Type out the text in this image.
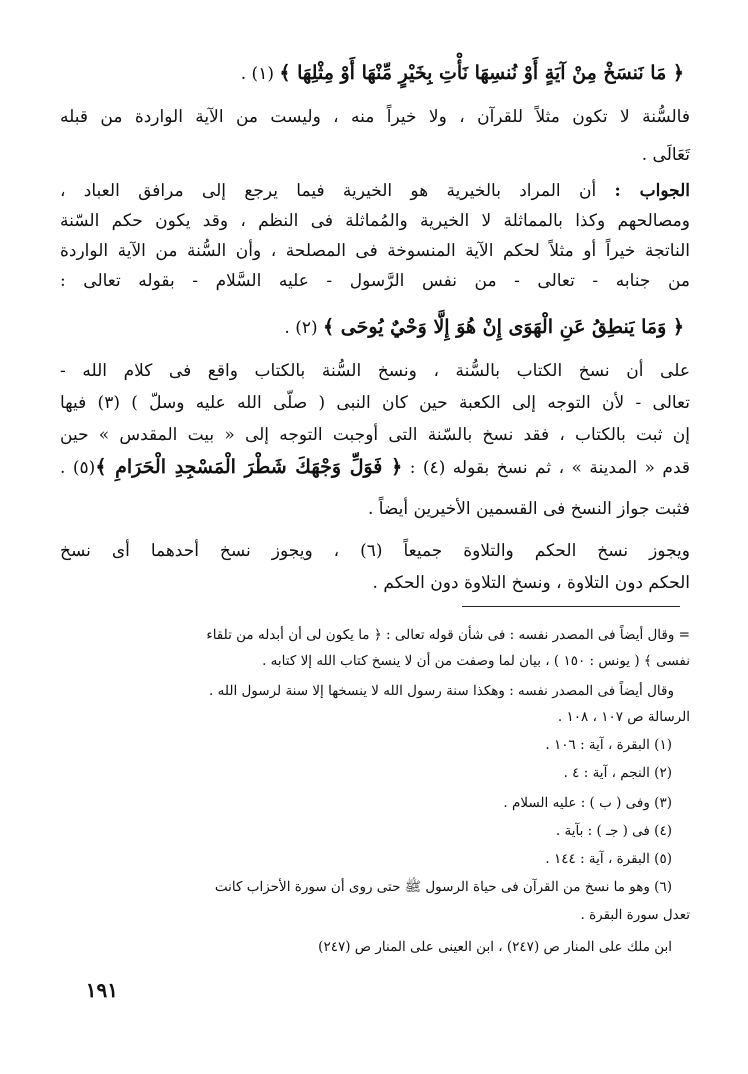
﴿ مَا نَنسَخْ مِنْ آيَةٍ أَوْ نُنسِهَا نَأْتِ بِخَيْرٍ مِّنْهَا أَوْ مِثْلِهَا ﴾ (١) .
فالسُّنة لا تكون مثلاً للقرآن ، ولا خيراً منه ، وليست من الآية الواردة من قبله
تَعَالَى .
الجواب : أن المراد بالخيرية هو الخيرية فيما يرجع إلى مرافق العباد ،
ومصالحهم وكذا بالمماثلة لا الخيرية والمُماثلة فى النظم ، وقد يكون حكم السّنة
الناتجة خيراً أو مثلاً لحكم الآية المنسوخة فى المصلحة ، وأن السُّنة من الآية الواردة
من جنابه - تعالى - من نفس الرَّسول - عليه السَّلام - بقوله تعالى :
﴿ وَمَا يَنطِقُ عَنِ الْهَوَى إِنْ هُوَ إِلَّا وَحْيٌ يُوحَى ﴾ (٢) .
على أن نسخ الكتاب بالسُّنة ، ونسخ السُّنة بالكتاب واقع فى كلام الله -
تعالى - لأن التوجه إلى الكعبة حين كان النبى ( صلّى الله عليه وسلّ ) (٣) فيها
إن ثبت بالكتاب ، فقد نسخ بالسّنة التى أوجبت التوجه إلى « بيت المقدس » حين
قدم « المدينة » ، ثم نسخ بقوله (٤) : ﴿ فَوَلِّ وَجْهَكَ شَطْرَ الْمَسْجِدِ الْحَرَامِ ﴾(٥) .
فثبت جواز النسخ فى القسمين الأخيرين أيضاً .
ويجوز نسخ الحكم والتلاوة جميعاً (٦) ، ويجوز نسخ أحدهما أى نسخ
الحكم دون التلاوة ، ونسخ التلاوة دون الحكم .
= وقال أيضاً فى المصدر نفسه : فى شأن قوله تعالى : ﴿ ما يكون لى أن أبدله من تلقاء
نفسى ﴾ ( يونس : ١٥٠ ) ، بيان لما وصفت من أن لا ينسخ كتاب الله إلا كتابه .
وقال أيضاً فى المصدر نفسه : وهكذا سنة رسول الله لا ينسخها إلا سنة لرسول الله .
الرسالة ص ١٠٧ ، ١٠٨ .
(١) البقرة ، آية : ١٠٦ .
(٢) النجم ، آية : ٤ .
(٣) وفى ( ب ) : عليه السلام .
(٤) فى ( جـ ) : بآية .
(٥) البقرة ، آية : ١٤٤ .
(٦) وهو ما نسخ من القرآن فى حياة الرسول ﷺ حتى روى أن سورة الأحزاب كانت
تعدل سورة البقرة .
ابن ملك على المنار ص (٢٤٧) ، ابن العينى على المنار ص (٢٤٧)
١٩١
